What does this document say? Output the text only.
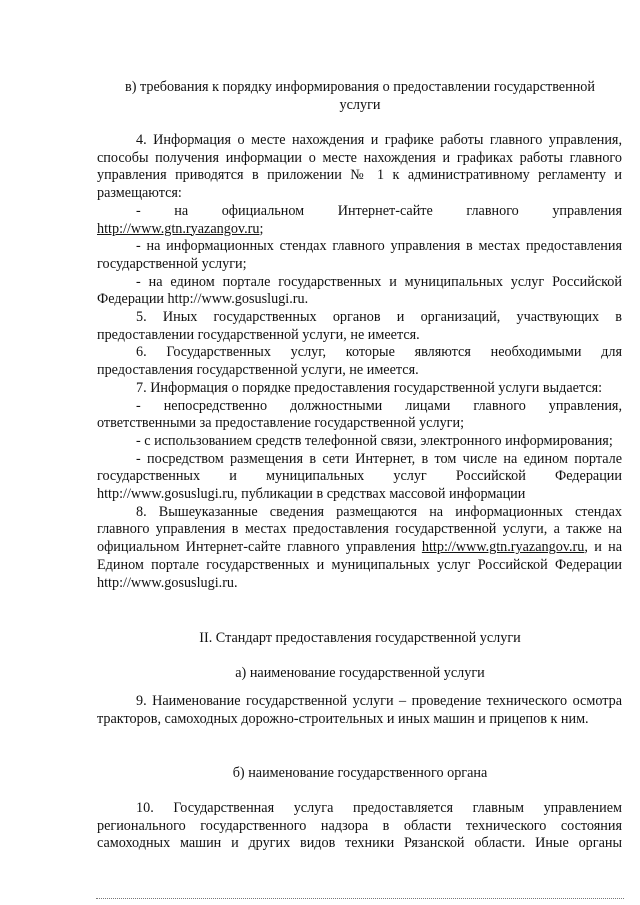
в) требования к порядку информирования о предоставлении государственной
услуги

4. Информация о месте нахождения и графике работы главного управления, способы получения информации о месте нахождения и графиках работы главного управления приводятся в приложении № 1 к административному регламенту и размещаются:

- на официальном Интернет-сайте главного управления http://www.gtn.ryazangov.ru;

- на информационных стендах главного управления в местах предоставления государственной услуги;

- на едином портале государственных и муниципальных услуг Российской Федерации http://www.gosuslugi.ru.

5. Иных государственных органов и организаций, участвующих в предоставлении государственной услуги, не имеется.

6. Государственных услуг, которые являются необходимыми для предоставления государственной услуги, не имеется.

7. Информация о порядке предоставления государственной услуги выдается:

- непосредственно должностными лицами главного управления, ответственными за предоставление государственной услуги;

- с использованием средств телефонной связи, электронного информирования;

- посредством размещения в сети Интернет, в том числе на едином портале государственных и муниципальных услуг Российской Федерации http://www.gosuslugi.ru, публикации в средствах массовой информации

8. Вышеуказанные сведения размещаются на информационных стендах главного управления в местах предоставления государственной услуги, а также на официальном Интернет-сайте главного управления http://www.gtn.ryazangov.ru, и на Едином портале государственных и муниципальных услуг Российской Федерации http://www.gosuslugi.ru.

II. Стандарт предоставления государственной услуги
а) наименование государственной услуги

9. Наименование государственной услуги – проведение технического осмотра тракторов, самоходных дорожно-строительных и иных машин и прицепов к ним.

б) наименование государственного органа

10. Государственная услуга предоставляется главным управлением регионального государственного надзора в области технического состояния самоходных машин и других видов техники Рязанской области. Иные органы
